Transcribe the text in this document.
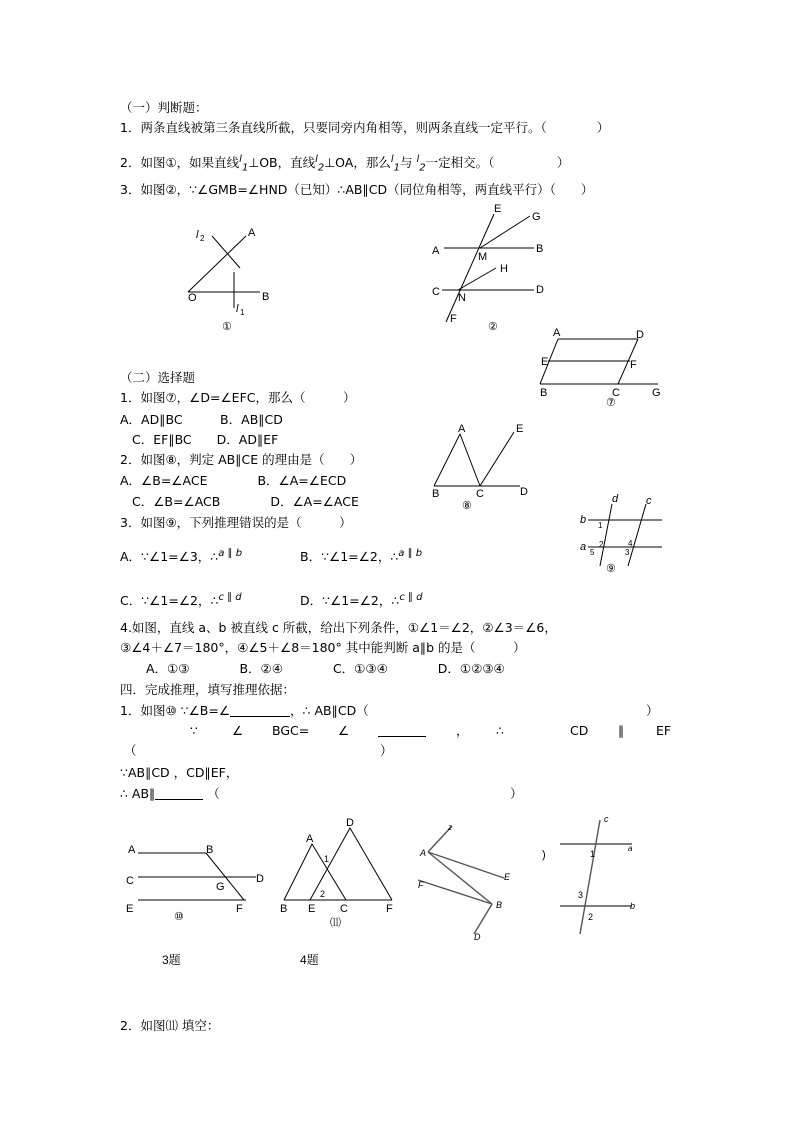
（一）判断题：
1．两条直线被第三条直线所截，只要同旁内角相等，则两条直线一定平行。（　　　　）
2．如图①，如果直线$^l_1$⊥OB，直线$^l_2$⊥OA，那么$^l_1$与 $^l_2$一定相交。（　　　　　）
3．如图②，∵∠GMB=∠HND（已知）∴AB∥CD（同位角相等，两直线平行）（　　）
（二）选择题
1．如图⑦，∠D=∠EFC，那么（　　　）
A．AD∥BC　　　B．AB∥CD
C．EF∥BC　　D．AD∥EF
2．如图⑧，判定 AB∥CE 的理由是（　　）
A．∠B=∠ACE　　　　B．∠A=∠ECD
C．∠B=∠ACB　　　　D．∠A=∠ACE
3．如图⑨，下列推理错误的是（　　　）
A．∵∠1=∠3，∴$^{a \parallel b}$	B．∵∠1=∠2，∴$^{a \parallel b}$
C．∵∠1=∠2，∴$^{c \parallel d}$	D．∵∠1=∠2，∴$^{c \parallel d}$
4.如图，直线 a、b 被直线 c 所截，给出下列条件，①∠1＝∠2，②∠3＝∠6，
③∠4＋∠7＝180°，④∠5＋∠8＝180° 其中能判断 a∥b 的是（　　　）
A．①③　　　　B．②④　　　　C．①③④　　　　D．①②③④
四．完成推理，填写推理依据：
1．如图⑩ ∵∠B=∠	，∴ AB∥CD（	）
∵	∠ BGC= ∠	， ∴	CD ∥	EF
（	）
∵AB∥CD ，CD∥EF，
∴ AB∥	（	）
2．如图⑾ 填空：
l 2	A
O	B
l 1
①
E
G
A	M
B
H
C N
D
F
②	A	D
E	F
B	C	G
⑦
A	E
B	C	D
⑧
d	c
b
a
1
2
3
4
5
⑨
A	B
C	G
D
E	F
⑩
A
D
1
2
B E C	F
⑾
z
A
E
F
B
D
c
a
b
1
2
3
)
3题	4题
